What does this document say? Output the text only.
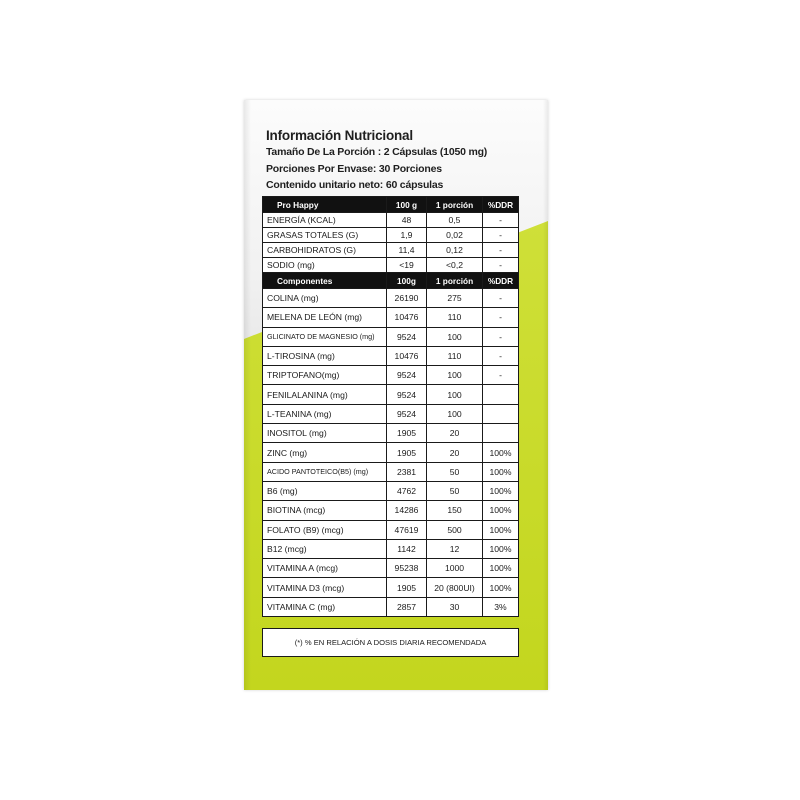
Información Nutricional
Tamaño De La Porción : 2 Cápsulas (1050 mg)
Porciones Por Envase: 30 Porciones
Contenido unitario neto: 60 cápsulas
Pro Happy	100 g	1 porción	%DDR
ENERGÍA (KCAL)	48	0,5	-
GRASAS TOTALES (G)	1,9	0,02	-
CARBOHIDRATOS (G)	11,4	0,12	-
SODIO (mg)	<19	<0,2	-
Componentes	100g	1 porción	%DDR
COLINA (mg)	26190	275	-
MELENA DE LEÓN (mg)	10476	110	-
GLICINATO DE MAGNESIO (mg)	9524	100	-
L-TIROSINA (mg)	10476	110	-
TRIPTOFANO(mg)	9524	100	-
FENILALANINA (mg)	9524	100	
L-TEANINA (mg)	9524	100	
INOSITOL (mg)	1905	20	
ZINC (mg)	1905	20	100%
ACIDO PANTOTEICO(B5) (mg)	2381	50	100%
B6 (mg)	4762	50	100%
BIOTINA (mcg)	14286	150	100%
FOLATO (B9) (mcg)	47619	500	100%
B12 (mcg)	1142	12	100%
VITAMINA A (mcg)	95238	1000	100%
VITAMINA D3 (mcg)	1905	20 (800UI)	100%
VITAMINA C (mg)	2857	30	3%

(*) % EN RELACIÓN A DOSIS DIARIA RECOMENDADA			
